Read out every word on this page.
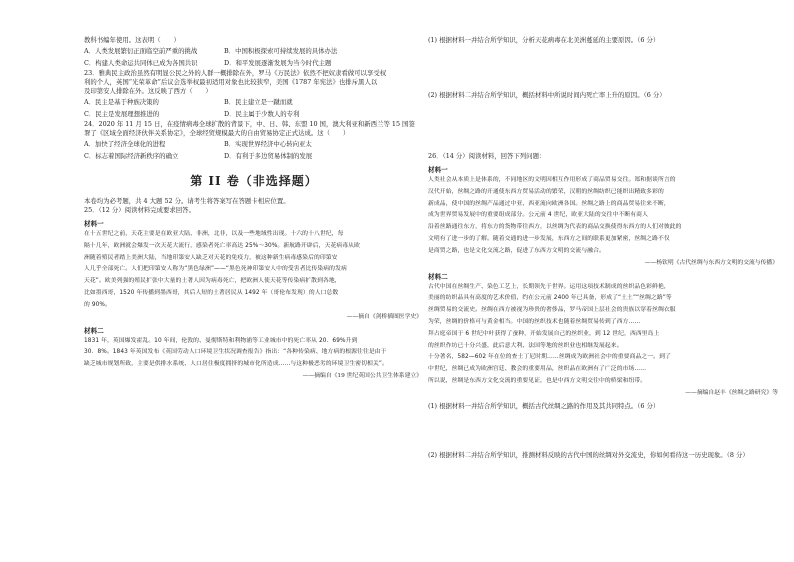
教科书编年使用。这表明（　　）
A．人类发展繁衍正面临空前严重的挑战	B．中国积极探索可持续发展的具体办法
C．构建人类命运共同体已成为各国共识	D．和平发展逐渐发展为当今时代主题
23．雅典民主政治虽然有明显公民之外的人群一概排除在外，罗马《万民法》依然不把奴隶看做可以享受权
利的个人，英国“光荣革命”后议会选举权最初适用对象也比较狭窄，美国《1787 年宪法》也排斥黑人以
及印第安人排除在外。这反映了西方（　　）
A．民主是基于种族决策的	B．民主建立是一蹴而就
C．民主是发展理想推进的	D．民主属于少数人的专利
24．2020 年 11 月 15 日，在疫情病毒全球扩散的背景下，中、日、韩、东盟 10 国，澳大利亚和新西兰等 15 国签
署了《区域全面经济伙伴关系协定》，全球经贸规模最大的自由贸易协定正式达成。这（　　）
A．加快了经济全球化的进程	B．实现世界经济中心转向亚太
C．标志着国际经济新秩序的确立	D．有利于多边贸易体制的发展
第 II 卷（非选择题）
本卷均为必考题，共 4 大题 52 分。请考生将答案写在答题卡相应位置。
25．（12 分）阅读材料完成要求回答。
材料一
在十五世纪之前，天花主要是在欧亚大陆、非洲，北非，以及一些地域性出现。十六的十八世纪，每
隔十几年，欧洲就会爆发一次天花大流行，感染者死亡率高达 25%～30%。新航路开辟后，天花病毒从欧
洲随着殖民者踏上美洲大陆，当地印第安人缺乏对天花的免疫力，被这种新生病毒感染后的印第安
人几乎全部死亡。人们把印第安人称为“黑色绿洲”——“黑色死神印第安人中的受害者比传染病的发病
天花”。欧美列强的殖民扩张中大量的土著人因为病毒死亡，把欧洲人使天花等传染病扩散到各地，
比如墨西哥，1520 年传播到墨西哥，其后人短的土著居民从 1492 年（哥伦布发现）的人口总数
的 90%。
——摘自《剑桥插图医学史》
材料二
1831 年，英国爆发霍乱。10 年间，伦敦的、曼彻斯特和利物浦等工业城市中的死亡率从 20．69%升到
30．8%。1843 年英国发布《英国劳动人口环境卫生状况调查报告》指出：“各种传染病、地方病的根源往往是由于
缺乏城市规划所致，主要是供排水系统、人口居住极度拥挤的城市化所造成……与这种极恶劣的环境卫生密切相关”。
——摘编自《19 世纪英国公共卫生体系建立》
(1) 根据材料一并结合所学知识，分析天花病毒在北美洲蔓延的主要原因。（6 分）
(2) 根据材料二并结合所学知识，概括材料中所说时间内死亡率上升的原因。（6 分）
26．（14 分）阅读材料，回答下列问题：
材料一
人类社会从本质上是体系的，不同地区的文明因相互作用形成了商品贸易交往。郑和据谈所言的
汉代开始，丝绸之路的开通使东西方贸易活动的繁荣，汉朝的丝绸纺织已能织出精致多彩的
新成品，使中国的丝绸产品通过中亚、西亚流向欧洲各国。丝绸之路上的商品贸易往来不断，
成为世界贸易发展中的重要组成部分。公元前 4 世纪，欧亚大陆的交往中不断有商人
沿着丝路通往东方，将东方的货物带往西方，以丝绸为代表的商品交换使得东西方的人们对彼此的
文明有了进一步的了解。随着交通的进一步发展，东西方之间的联系更加紧密，丝绸之路不仅
是商贸之路，也是文化交流之路，促进了东西方文明的交流与融合。
——杨钦明《古代丝绸与东西方文明的交流与传播》
材料二
古代中国在丝绸生产、染色工艺上，长期领先于世界。运用这项技术制成的丝织品色彩鲜艳，
美丽的纺织品具有高度的艺术价值，约在公元前 2400 年已具备，形成了“土土”“丝绸之路”等
丝绸贸易的交流史。丝绸在西方被视为珍贵的奢侈品，罗马帝国上层社会的贵族以穿着丝绸衣服
为荣，丝绸的价格可与黄金相当。中国的丝织技术也随着丝绸贸易传到了西方……
拜占庭帝国于 6 世纪中叶获得了蚕种，开始发展自己的丝织业，到 12 世纪，西西里岛上
的丝织作坊已十分兴盛，此后意大利、法国等地的丝织业也相继发展起来。
十分著名，582—602 年在位的查士丁尼时期……丝绸成为欧洲社会中的重要商品之一。到了
中世纪，丝绸已成为欧洲宫廷、教会的重要用品，丝织品在欧洲有了广泛的市场……
所以说，丝绸是东西方文化交流的重要见证，也是中西方文明交往中的桥梁和纽带。
——摘编自赵丰《丝绸之路研究》等
(1) 根据材料一并结合所学知识，概括古代丝绸之路的作用及其共同特点。（6 分）
(2) 根据材料二并结合所学知识，推测材料反映的古代中国的丝绸对外交流史，你如何看待这一历史现象。（8 分）
